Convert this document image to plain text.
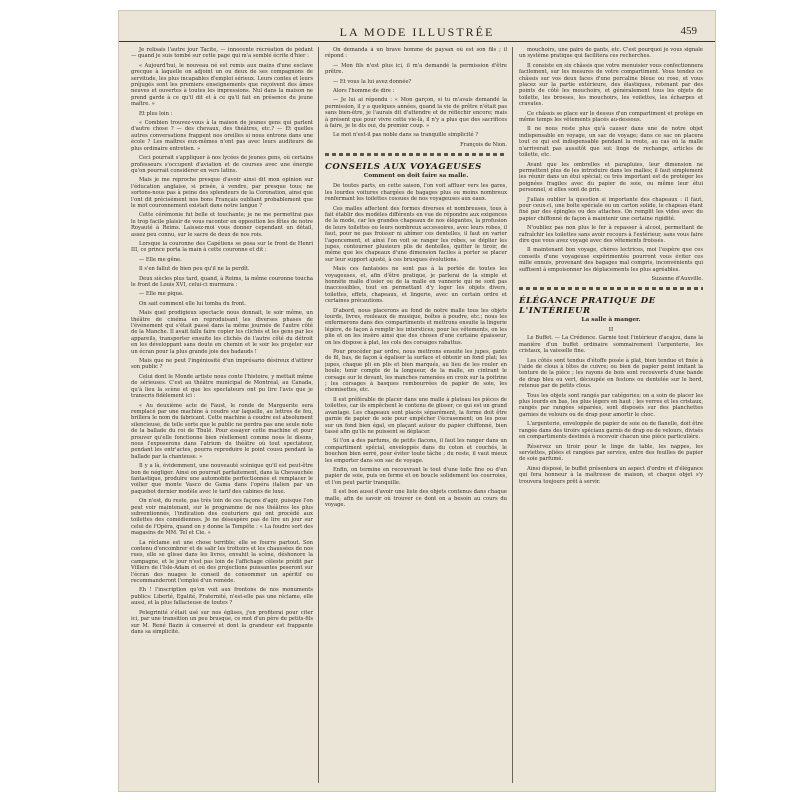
LA MODE ILLUSTRÉE	459

Je relisais l'autre jour Tacite, — innocente récréation de pédant — quand je suis tombé sur cette page qui m'a semblé écrite d'hier :

« Aujourd'hui, le nouveau né est remis aux mains d'une esclave grecque à laquelle on adjoint un ou deux de ses compagnons de servitude, les plus incapables d'emploi sérieux. Leurs contes et leurs préjugés sont les premiers enseignements que reçoivent des âmes neuves et ouvertes à toutes les impressions. Nul dans la maison ne prend garde à ce qu'il dit et à ce qu'il fait en présence du jeune maître. »

Et plus loin :

« Combien trouvez-vous à la maison de jeunes gens qui parlent d'autre chose ? — des chevaux, des théâtres, etc.? — Et quelles autres conversations frappent nos oreilles si nous entrons dans une école ? Les maîtres eux-mêmes n'ont pas avec leurs auditeurs de plus ordinaire entretien. »

Ceci pourrait s'appliquer à nos lycées de jeunes gens, où certains professeurs s'occupent d'aviation et de courses avec une énergie qu'on pourrait considérer en vers latins.

Mais je me reproche presque d'avoir ainsi dit mon opinion sur l'éducation anglaise, si prisée, à vendre, par presque tous; ne sortons-nous pas à peine des splendeurs de la Coronation, ainsi que l'ont dit précisément nos bons Français oubliant probablement que le mot couronnement existait dans notre langue ?

Cette cérémonie fut belle et touchante; je ne me permettrai pas le trop facile plaisir de vous raconter en opposition les fêtes de notre Royauté à Reims. Laissez-moi vous donner cependant un détail, assez peu connu, sur le sacre de deux de nos rois.

Lorsque la couronne des Capétiens se posa sur le front de Henri III, ce prince porta la main à cette couronne et dit :

— Elle me gêne.

Il s'en fallut de bien peu qu'il ne la perdît.

Deux siècles plus tard, quand, à Reims, la même couronne toucha le front de Louis XVI, celui-ci murmura :

— Elle me pique.

On sait comment elle lui tomba du front.

Mais quel prodigieux spectacle nous donnait, le soir même, un théâtre de cinéma en reproduisant les diverses phases de l'événement qui s'était passé dans la même journée de l'autre côté de la Manche. Il avait fallu faire copier les clichés et les gens par les appareils, transporter ensuite les clichés de l'autre côté du détroit en les développant sans doute en chemin et le soir les projeter sur un écran pour la plus grande joie des badauds !

Mais que ne peut l'ingéniosité d'un imprésario désireux d'attirer son public ?

Celui dont le Monde artiste nous conte l'histoire, y mettait même de sérieuses. C'est au théâtre municipal de Montréal, au Canada, qu'à lieu la scène et que les spectateurs ont pu lire l'avis que je transcris fidèlement ici :

« Au deuxième acte de Faust, le ronde de Marguerite sera remplacé par une machine à coudre sur laquelle, au lettres de feu, brillera le nom du fabricant. Cette machine à coudre est absolument silencieuse, de telle sorte que le public ne perdra pas une seule note de la ballade du roi de Thulé. Pour essayer cette machine et pour prouver qu'elle fonctionne bien réellement comme nous le disons, nous l'exposerons dans l'atrium du théâtre où tout spectateur, pendant les entr'actes, pourra reproduire le point cousu pendant la ballade par la chanteuse. »

Il y a là, évidemment, une nouveauté scénique qu'il est peut-être bon de négliger. Ainsi on pourrait parfaitement, dans la Chevauchée fantastique, produire une automobile perfectionnée et remplacer le voilier que monte Vasco de Gama dans l'opéra italien par un paquebot dernier modèle avec le tarif des cabines de luxe.

On n'est, du reste, pas très loin de ces façons d'agir, puisque l'on peut voir maintenant, sur le programme de nos théâtres les plus subventionnés, l'indication des couturiers qui ont procédé aux toilettes des comédiennes. Je ne désespère pas de lire un jour sur celui de l'Opéra, quand on y donne la Tempête : « La foudre sort des magasins de MM. Tel et Cie. »

La réclame est une chose terrible; elle se fourre partout. Son contenu d'encombrer et de salir les trottoirs et les chaussées de nos rues, elle se glisse dans les livres, envahit la scène, déshonore la campagne, et le jour n'est pas loin de l'affichage céleste prédit par Villiers de l'Isle-Adam et où des projections puissantes peseront sur l'écran des nuages le conseil de consommer un apéritif ou recommanderont l'emploi d'un remède.

Eh ! l'inscription qu'on voit aux frontons de nos monuments publics: Liberté, Egalité, Fraternité, n'est-elle pas une réclame, elle aussi, et la plus fallacieuse de toutes ?

Pelegrinité s'était usé sur nos églises, j'en profiterai pour citer ici, par une transition un peu brusque, ce mot d'un père de petits-fils sur M. René Bazin à conservé et dont la grandeur est frappante dans sa simplicité.

On demanda à un brave homme de paysan où est son fils ; il répond :

— Mon fils n'est plus ici, il m'a demandé la permission d'être prêtre.

— Et vous la lui avez donnée?

Alors l'homme de dire :

— Je lui ai répondu : « Mon garçon, si tu m'avais demandé la permission, il y a quelques années, quand la vie de prêtre n'était pas sans bien-être, je l'aurais dit d'attendre et de réfléchir encore; mais à présent que pour vivre cette vie-là, il n'y a plus que des sacrifices à faire, je te dis oui, du premier coup. »

Le mot n'est-il pas noble dans sa tranquille simplicité ?

François de Nion.

CONSEILS AUX VOYAGEUSES

Comment on doit faire sa malle.

De toutes parts, en cette saison, l'on voit affluer vers les gares, les lourdes voitures chargées de bagages plus ou moins nombreux renfermant les toilettes cossues de nos voyageuses aux eaux.

Ces malles affectent des formes diverses et nombreuses, tous à fait établir des modèles différents en vue de répondre aux exigences de la mode, car les grandes chapeaux de nos élégantes, la profusion de leurs toilettes ou leurs nombreux accessoires, avec leurs robes, il faut, pour ne pas froisser ni abîmer ces dentelles, il faut en varier l'agencement, et ainsi l'on voit se ranger les robes, se déplier les jupes, contourner plusieurs plis de dentelles, quitter le tiroir, de même que les chapeaux d'une dimension faciles à porter se placer sur leur support ajusté, à ces brusques évolutions.

Mais ces fantaisies ne sont pas à la portée de toutes les voyageuses, et, afin d'être pratique, je parlerai de la simple et honnête malle d'osier ou de la malle en vannerie qui ne sont pas inaccessibles, tout en permettant d'y loger les objets divers, toilettes, effets, chapeaux, et lingerie, avec un certain ordre et certaines précautions.

D'abord, nous placerons au fond de notre malle tous les objets lourds, livres, rouleaux de musique, boîtes à poudre, etc.; nous les enfermerons dans des compartiments et mettrons ensuite la lingerie légère, de façon à remplir les interstices; pour les vêtements, on les plie et on les insère ainsi que des choses d'une certaine épaisseur, on les dispose à plat, les cols des corsages rabattus.

Pour procéder par ordre, nous mettrons ensuite les jupes, gants de fil, bas, de façon à égaliser la surface et obtenir un fond plat; les jupes, chaque pli en plis et bien marqués, au lieu de les rouler en boule; tenir compte de la longueur, de la malle, en cintrant le corsage sur le devant, les manches ramenées en croix sur la poitrine ; les corsages à basques rembourrées de papier de soie, les chemisettes, etc.

Il est préférable de placer dans une malle à plateau les pièces de toilettes, car ils empêchent le contenu de glisser, ce qui est un grand avantage. Les chapeaux sont placés séparément, la forme doit être garnie de papier de soie pour empêcher l'écrasement; on les pose sur un fond bien égal, en plaçant autour du papier chiffonné, bien tassé afin qu'ils ne puissent se déplacer.

Si l'on a des parfums, de petits flacons, il faut les ranger dans un compartiment spécial, enveloppés dans du coton et couchés, le bouchon bien serré, pour éviter toute tâche ; du reste, il vaut mieux les emporter dans son sac de voyage.

Enfin, on termine en recouvrant le tout d'une toile fine ou d'un papier de soie, puis on ferme et on boucle solidement les courroies, et l'on peut partir tranquille.

Il est bon aussi d'avoir une liste des objets contenus dans chaque malle, afin de savoir où trouver ce dont on a besoin au cours du voyage.

mouchoirs, une paire de gants, etc. C'est pourquoi je vous signale un système pratique qui facilitera ces recherches.

Il consiste en six châssis que votre menuisier vous confectionnera facilement, sur les mesures de votre compartiment. Vous tendez ce châssis sur vos deux faces d'une percaline bleue ou rose, et vous placez sur la partie extérieure, des élastiques, retenant par des points de côté les mouchoirs, et généralement tous les objets de toilette, les brosses, les mouchoirs, les voilettes, les écharpes et cravates.

Ce châssis se place sur le dessus d'un compartiment et protège en même temps les vêtements placés au-dessous.

Il ne nous reste plus qu'à causer dans une de notre objet indispensable en voyage, un sac de voyage; dans ce sac on placera tout ce qui est indispensable pendant la route, au cas où la malle n'arriverait pas aussitôt que soi: linge de rechange, articles de toilette, etc.

Avant que les ombrelles et parapluies, leur dimension ne permettent plus de les introduire dans les malles; il faut simplement les réunir dans un étui spécial; ce très important est de protéger les poignées fragiles avec du papier de soie, ou même leur étui personnel, si elles sont de prix.

J'allais oublier la question si importante des chapeaux : il faut, pour ceux-ci, une boîte spéciale ou un carton solide, le chapeau étant fixé par des épingles ou des attaches. On remplit les vides avec du papier chiffonné de façon à maintenir une certaine rigidité.

N'oubliez pas non plus le fer à repasser à alcool, permettant de rafraîchir les toilettes sans avoir recours à l'extérieur, sans vous faire dire que vous avez voyagé avec des vêtements froissés.

Il maintenant bon voyage, chères lectrices, moi l'espère que ces conseils d'une voyageuse expérimentée pourront vous éviter ces mille ennuis, provenant des bagages mal compris, inconvénients qui suffisent à empoisonner les déplacements les plus agréables.

Suzanne d'Auxville.

ÉLÉGANCE PRATIQUE DE L'INTÉRIEUR

La salle à manger.

II

Le Buffet. — La Crédence. Garnie tout l'intérieur d'acajou, dans la manière d'un buffet ordinaire sommairement l'argenterie, les cristaux, la vaisselle fine.

Les côtés sont tendus d'étoffe posée à plat, bien tendue et fixée à l'aide de clous à têtes de cuivre; ou bien de papier peint imitant la tenture de la pièce ; les rayons de bois sont recouverts d'une bande de drap bleu ou vert, découpée en festons ou dentelée sur le bord, retenue par de petits clous.

Tous les objets sont rangés par catégories; on a soin de placer les plus lourds en bas, les plus légers en haut ; les verres et les cristaux, rangés par rangées séparées, sont disposés sur des planchettes garnies de velours ou de drap pour amortir le choc.

L'argenterie, enveloppée de papier de soie ou de flanelle, doit être rangée dans des tiroirs spéciaux garnis de drap ou de velours, divisés en compartiments destinés à recevoir chacun une pièce particulière.

Réservez un tiroir pour le linge de table, les nappes, les serviettes, pliées et rangées par service, entre des feuilles de papier de soie parfumé.

Ainsi disposé, le buffet présentera un aspect d'ordre et d'élégance qui fera honneur à la maîtresse de maison, et chaque objet s'y trouvera toujours prêt à servir.
